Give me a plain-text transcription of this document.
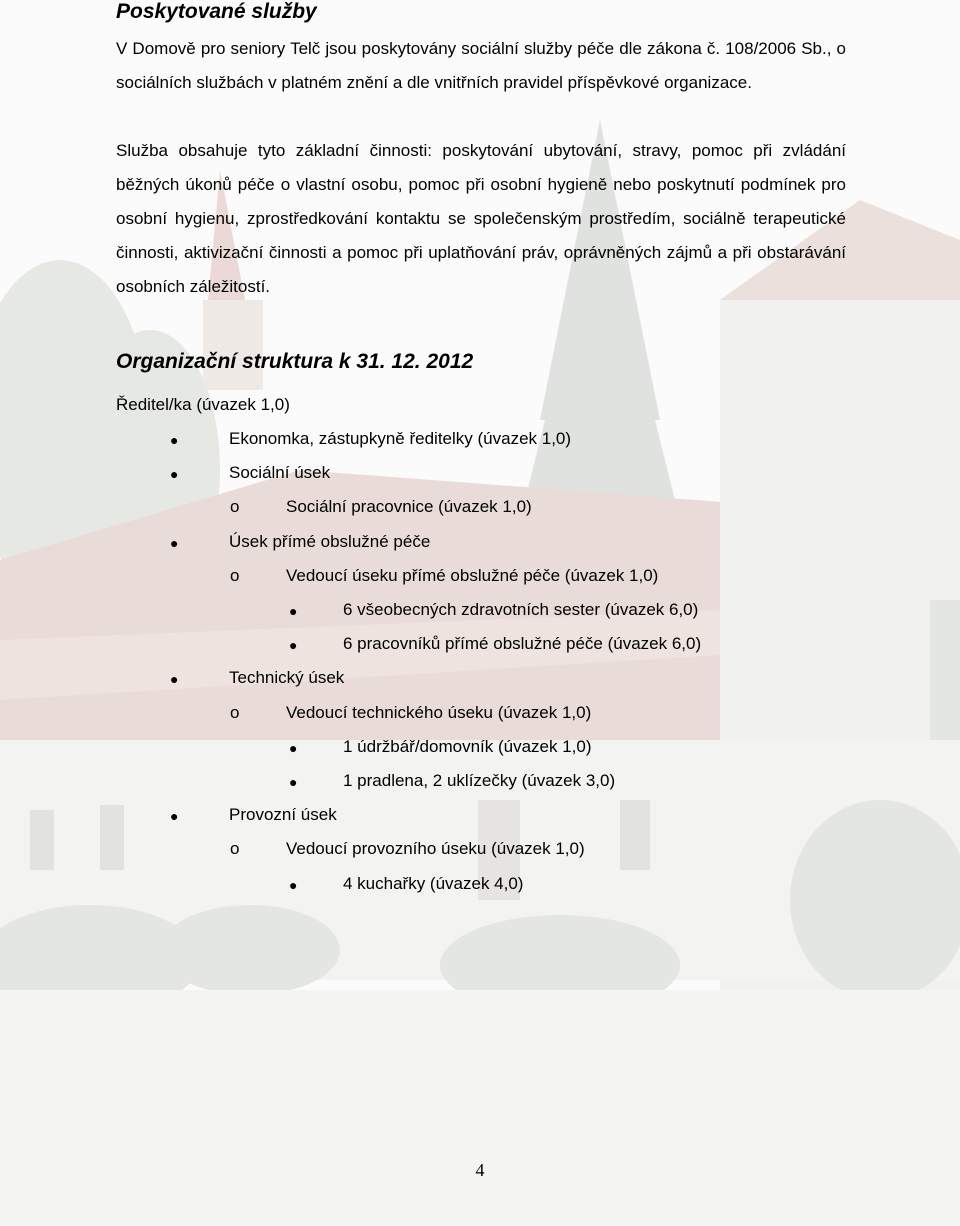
Poskytované služby

V Domově pro seniory Telč jsou poskytovány sociální služby péče dle zákona č. 108/2006 Sb., o sociálních službách v platném znění a dle vnitřních pravidel příspěvkové organizace.

Služba obsahuje tyto základní činnosti: poskytování ubytování, stravy, pomoc při zvládání běžných úkonů péče o vlastní osobu, pomoc při osobní hygieně nebo poskytnutí podmínek pro osobní hygienu, zprostředkování kontaktu se společenským prostředím, sociálně terapeutické činnosti, aktivizační činnosti a pomoc při uplatňování práv, oprávněných zájmů a při obstarávání osobních záležitostí.

Organizační struktura k 31. 12. 2012
Ředitel/ka (úvazek 1,0)
●	Ekonomka, zástupkyně ředitelky (úvazek 1,0)
●	Sociální úsek
o	Sociální pracovnice (úvazek 1,0)
●	Úsek přímé obslužné péče
o	Vedoucí úseku přímé obslužné péče (úvazek 1,0)
●	6 všeobecných zdravotních sester (úvazek 6,0)
●	6 pracovníků přímé obslužné péče (úvazek 6,0)
●	Technický úsek
o	Vedoucí technického úseku (úvazek 1,0)
●	1 údržbář/domovník (úvazek 1,0)
●	1 pradlena, 2 uklízečky (úvazek 3,0)
●	Provozní úsek
o	Vedoucí provozního úseku (úvazek 1,0)
●	4 kuchařky (úvazek 4,0)
4
